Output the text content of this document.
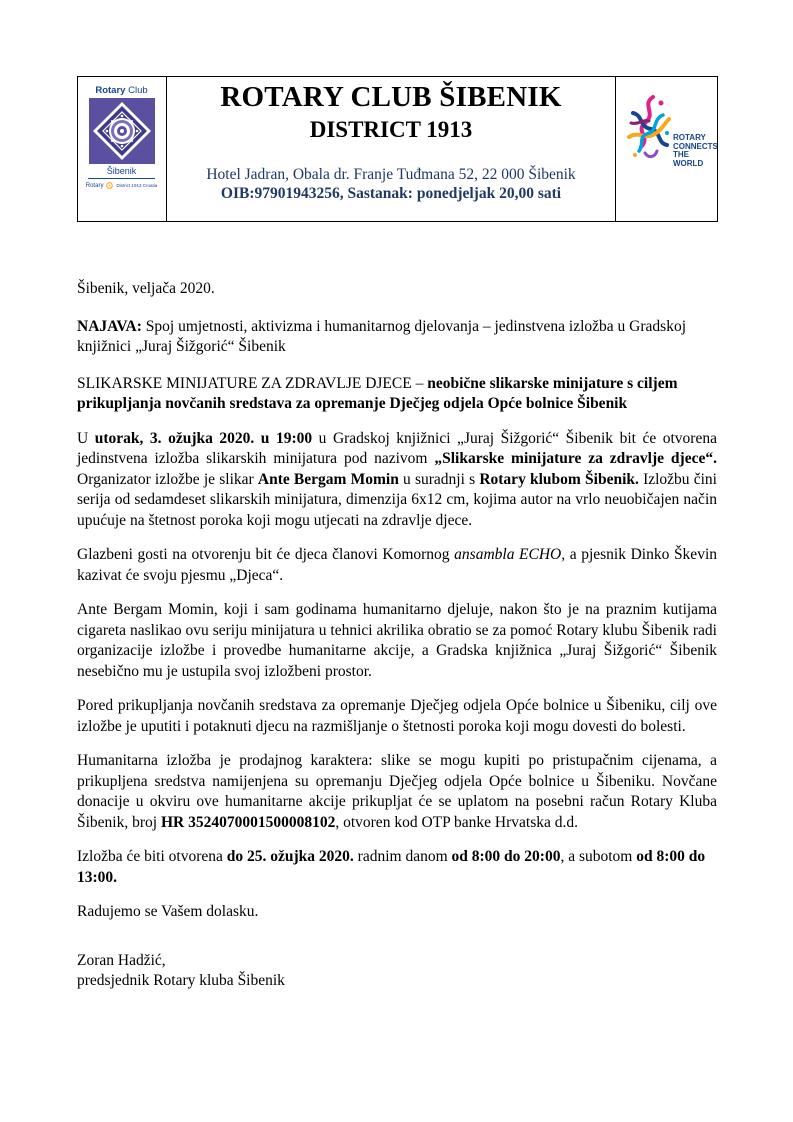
Rotary Club
Šibenik
Rotary	District 1913 Croatia
ROTARY CLUB ŠIBENIK
DISTRICT 1913
Hotel Jadran, Obala dr. Franje Tuđmana 52, 22 000 Šibenik
OIB:97901943256, Sastanak: ponedjeljak 20,00 sati
ROTARY
CONNECTS
THE WORLD

Šibenik, veljača 2020.

NAJAVA: Spoj umjetnosti, aktivizma i humanitarnog djelovanja – jedinstvena izložba u Gradskoj knjižnici „Juraj Šižgorić“ Šibenik

SLIKARSKE MINIJATURE ZA ZDRAVLJE DJECE – neobične slikarske minijature s ciljem prikupljanja novčanih sredstava za opremanje Dječjeg odjela Opće bolnice Šibenik

U utorak, 3. ožujka 2020. u 19:00 u Gradskoj knjižnici „Juraj Šižgorić“ Šibenik bit će otvorena jedinstvena izložba slikarskih minijatura pod nazivom „Slikarske minijature za zdravlje djece“. Organizator izložbe je slikar Ante Bergam Momin u suradnji s Rotary klubom Šibenik. Izložbu čini serija od sedamdeset slikarskih minijatura, dimenzija 6x12 cm, kojima autor na vrlo neuobičajen način upućuje na štetnost poroka koji mogu utjecati na zdravlje djece.

Glazbeni gosti na otvorenju bit će djeca članovi Komornog ansambla ECHO, a pjesnik Dinko Škevin kazivat će svoju pjesmu „Djeca“.

Ante Bergam Momin, koji i sam godinama humanitarno djeluje, nakon što je na praznim kutijama cigareta naslikao ovu seriju minijatura u tehnici akrilika obratio se za pomoć Rotary klubu Šibenik radi organizacije izložbe i provedbe humanitarne akcije, a Gradska knjižnica „Juraj Šižgorić“ Šibenik nesebično mu je ustupila svoj izložbeni prostor.

Pored prikupljanja novčanih sredstava za opremanje Dječjeg odjela Opće bolnice u Šibeniku, cilj ove izložbe je uputiti i potaknuti djecu na razmišljanje o štetnosti poroka koji mogu dovesti do bolesti.

Humanitarna izložba je prodajnog karaktera: slike se mogu kupiti po pristupačnim cijenama, a prikupljena sredstva namijenjena su opremanju Dječjeg odjela Opće bolnice u Šibeniku. Novčane donacije u okviru ove humanitarne akcije prikupljat će se uplatom na posebni račun Rotary Kluba Šibenik, broj HR 3524070001500008102, otvoren kod OTP banke Hrvatska d.d.

Izložba će biti otvorena do 25. ožujka 2020. radnim danom od 8:00 do 20:00, a subotom od 8:00 do 13:00.

Radujemo se Vašem dolasku.

Zoran Hadžić,

predsjednik Rotary kluba Šibenik
